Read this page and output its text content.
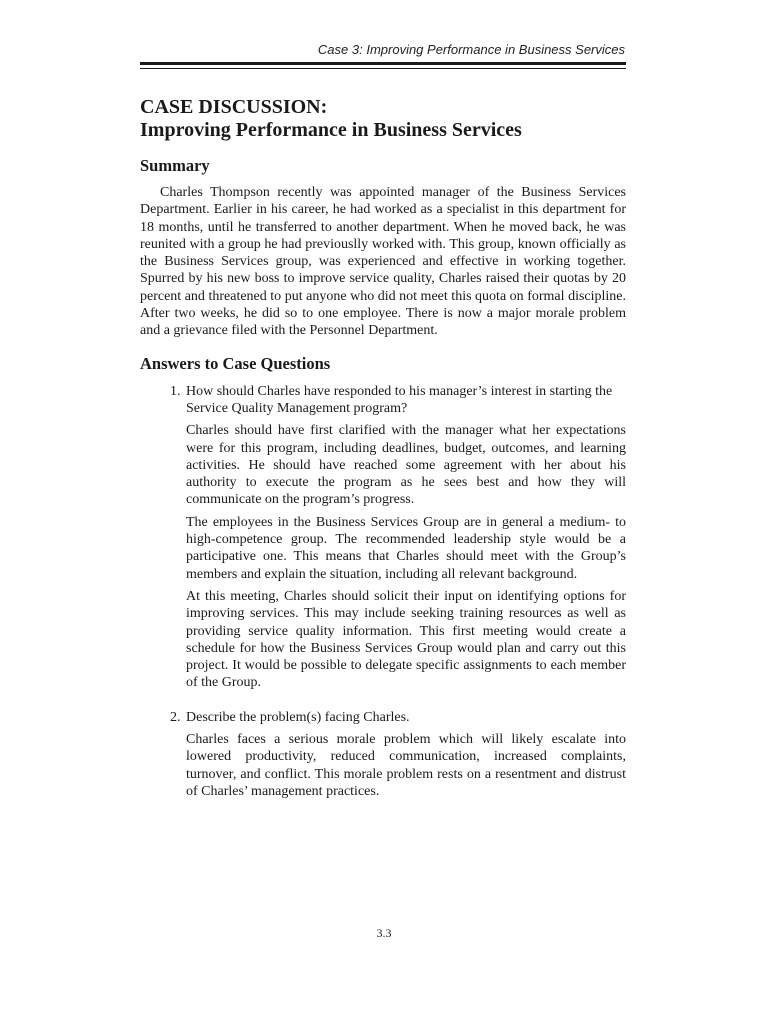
Case 3: Improving Performance in Business Services
CASE DISCUSSION:
Improving Performance in Business Services
Summary

Charles Thompson recently was appointed manager of the Business Services Department. Earlier in his career, he had worked as a specialist in this department for 18 months, until he transferred to another department. When he moved back, he was reunited with a group he had previouslly worked with. This group, known officially as the Business Services group, was experienced and effective in working together. Spurred by his new boss to improve service quality, Charles raised their quotas by 20 percent and threatened to put anyone who did not meet this quota on formal discipline. After two weeks, he did so to one employee. There is now a major morale problem and a grievance filed with the Personnel Department.

Answers to Case Questions
1. How should Charles have responded to his manager’s interest in starting the Service Quality Management program?

Charles should have first clarified with the manager what her expectations were for this program, including deadlines, budget, outcomes, and learning activities. He should have reached some agreement with her about his authority to execute the program as he sees best and how they will communicate on the program’s progress.

The employees in the Business Services Group are in general a medium- to high-competence group. The recommended leadership style would be a participative one. This means that Charles should meet with the Group’s members and explain the situation, including all relevant background.

At this meeting, Charles should solicit their input on identifying options for improving services. This may include seeking training resources as well as providing service quality information. This first meeting would create a schedule for how the Business Services Group would plan and carry out this project. It would be possible to delegate specific assignments to each member of the Group.

2. Describe the problem(s) facing Charles.

Charles faces a serious morale problem which will likely escalate into lowered productivity, reduced communication, increased complaints, turnover, and conflict. This morale problem rests on a resentment and distrust of Charles’ management practices.

3.3
